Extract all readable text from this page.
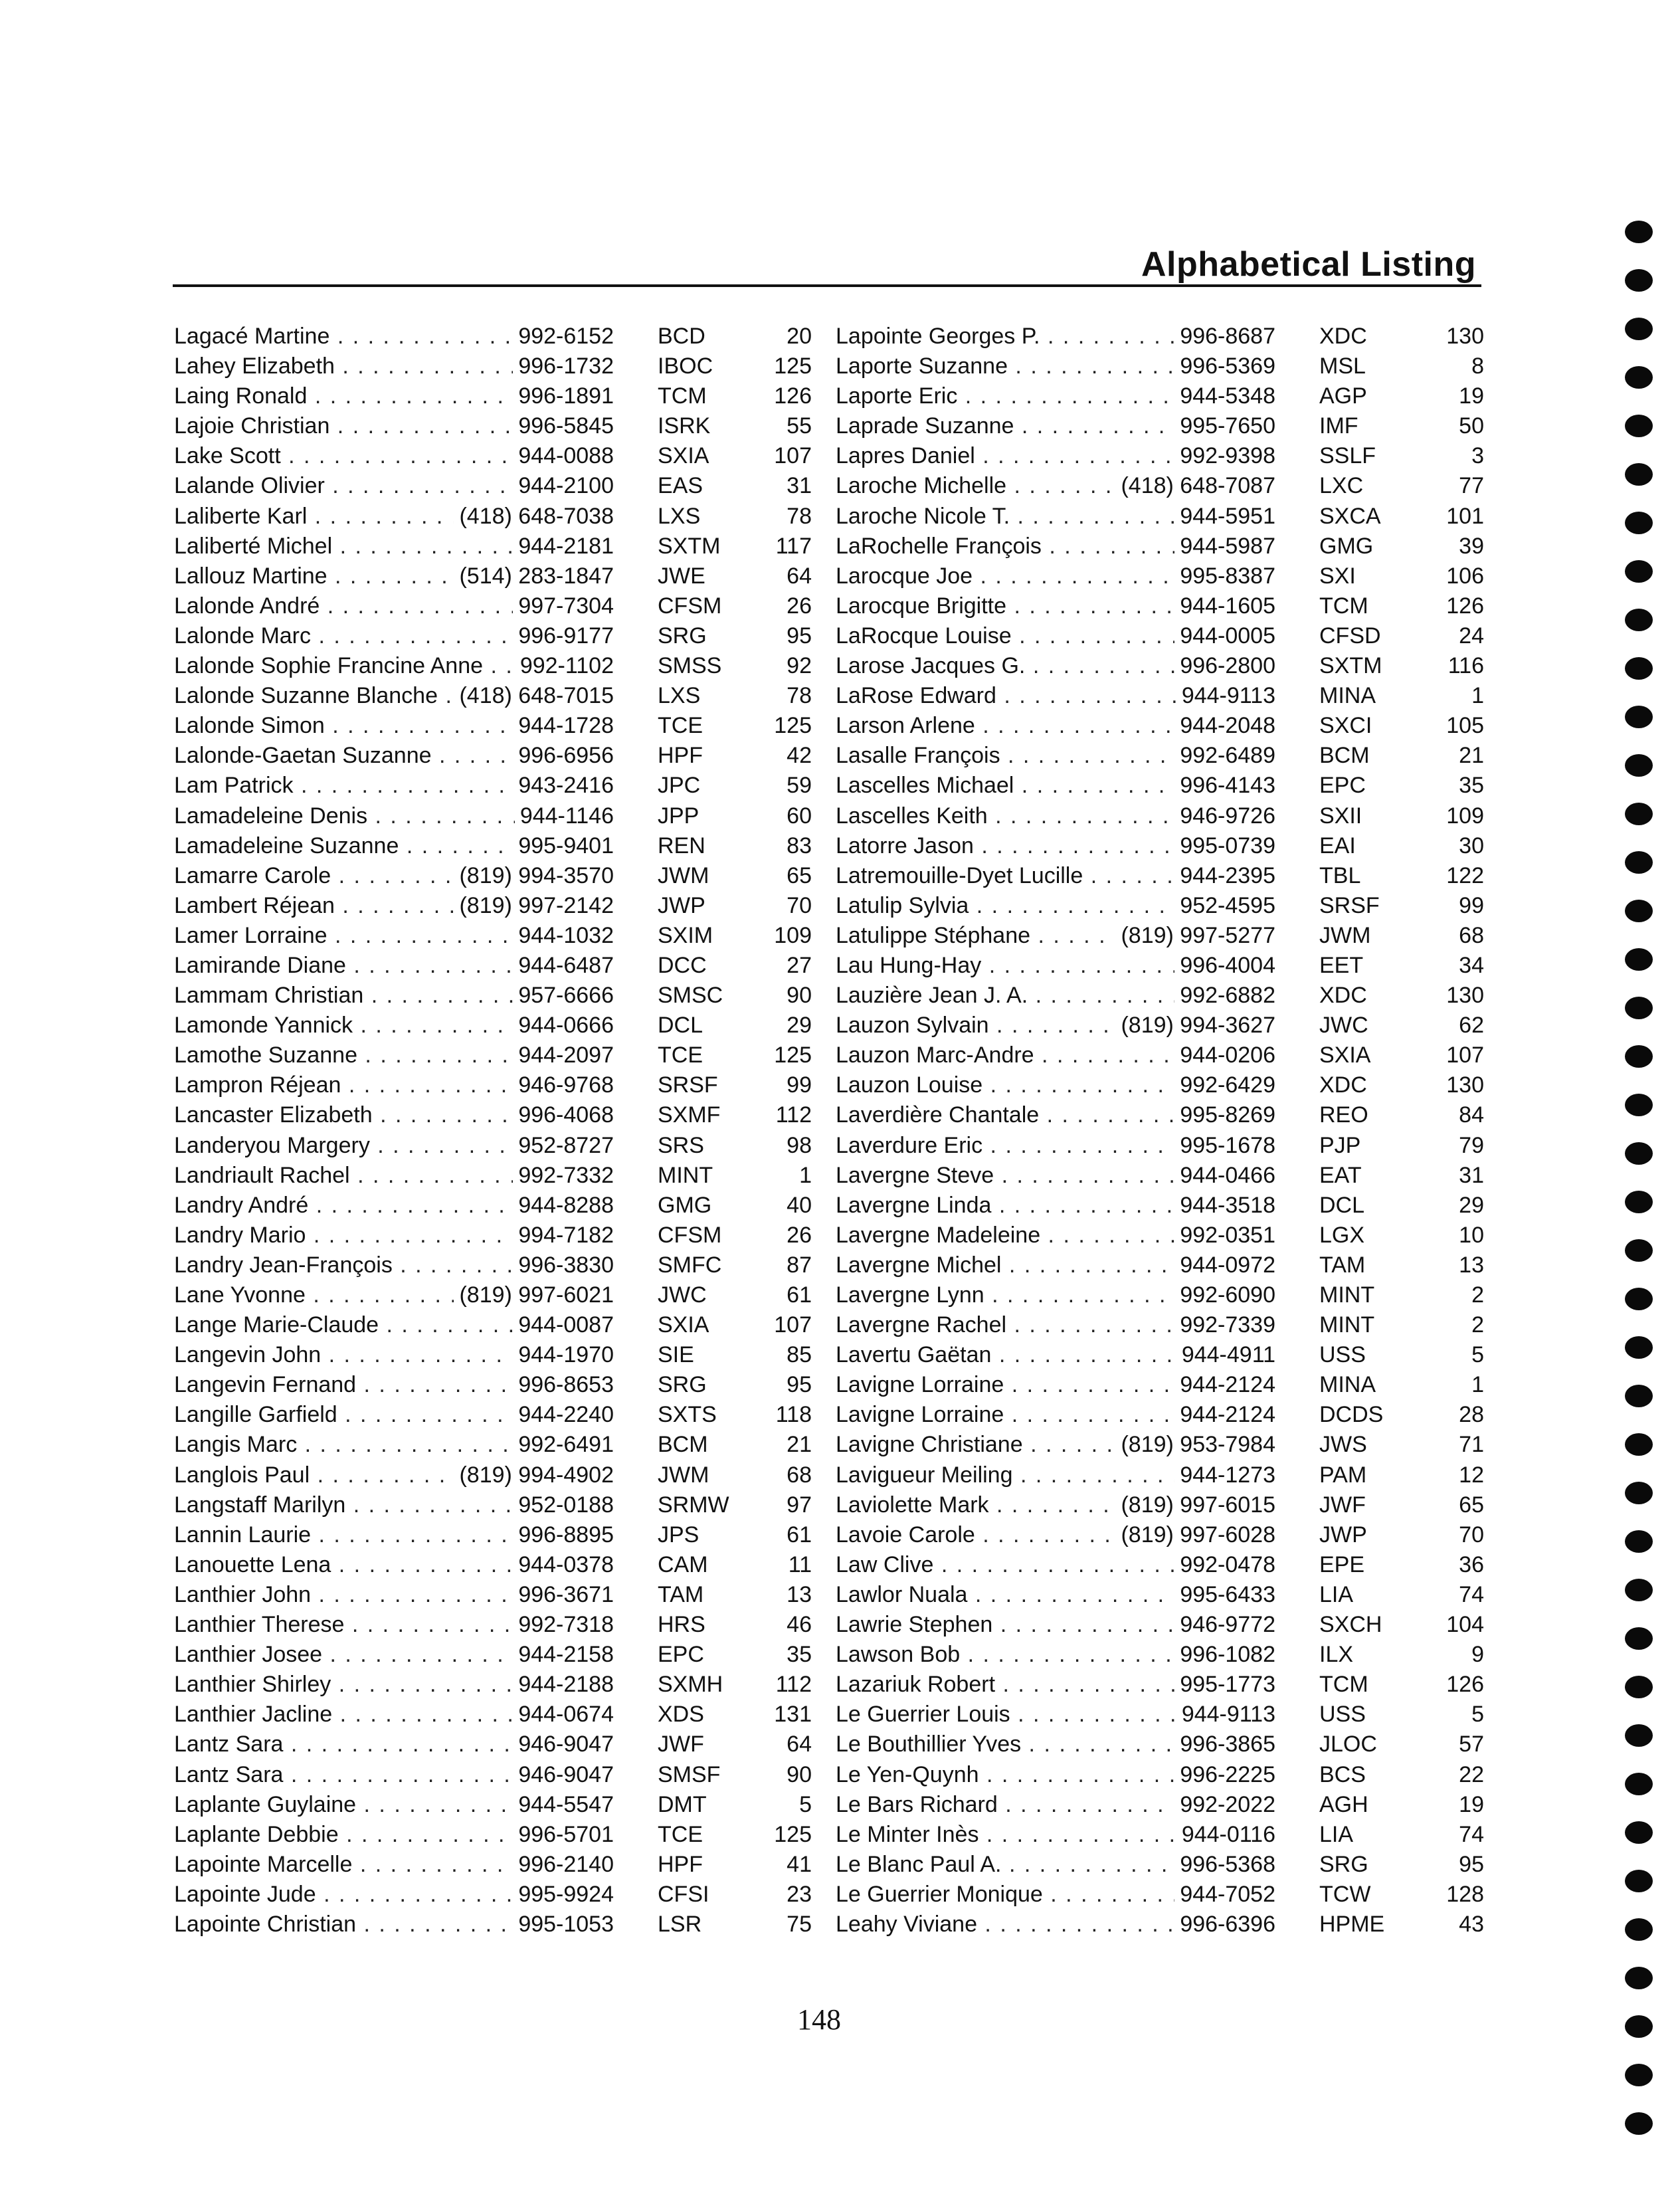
Alphabetical Listing
Lagacé Martine . . .	992-6152 BCD	20
Lahey Elizabeth . . .	996-1732 IBOC	125
Laing Ronald . . .	996-1891 TCM	126
Lajoie Christian . . .	996-5845 ISRK	55
Lake Scott . . .	944-0088 SXIA	107
Lalande Olivier . . .	944-2100 EAS	31
Laliberte Karl . . .	(418) 648-7038 LXS	78
Laliberté Michel . . .	944-2181 SXTM	117
Lallouz Martine . . .	(514) 283-1847 JWE	64
Lalonde André . . .	997-7304 CFSM	26
Lalonde Marc . . .	996-9177 SRG	95
Lalonde Sophie Francine Anne . . .	992-1102 SMSS	92
Lalonde Suzanne Blanche . . . (418) 648-7015 LXS	78
Lalonde Simon . . .	944-1728 TCE	125
Lalonde-Gaetan Suzanne . . .	996-6956 HPF	42
Lam Patrick . . .	943-2416 JPC	59
Lamadeleine Denis . . .	944-1146 JPP	60
Lamadeleine Suzanne . . .	995-9401 REN	83
Lamarre Carole . . .	(819) 994-3570 JWM	65
Lambert Réjean . . .	(819) 997-2142 JWP	70
Lamer Lorraine . . .	944-1032 SXIM	109
Lamirande Diane . . .	944-6487 DCC	27
Lammam Christian . . .	957-6666 SMSC	90
Lamonde Yannick . . .	944-0666 DCL	29
Lamothe Suzanne . . .	944-2097 TCE	125
Lampron Réjean . . .	946-9768 SRSF	99
Lancaster Elizabeth . . .	996-4068 SXMF	112
Landeryou Margery . . .	952-8727 SRS	98
Landriault Rachel . . .	992-7332 MINT	1
Landry André . . .	944-8288 GMG	40
Landry Mario . . .	994-7182 CFSM	26
Landry Jean-François . . .	996-3830 SMFC	87
Lane Yvonne . . .	(819) 997-6021 JWC	61
Lange Marie-Claude . . .	944-0087 SXIA	107
Langevin John . . .	944-1970 SIE	85
Langevin Fernand . . .	996-8653 SRG	95
Langille Garfield . . .	944-2240 SXTS	118
Langis Marc . . .	992-6491 BCM	21
Langlois Paul . . .	(819) 994-4902 JWM	68
Langstaff Marilyn . . .	952-0188 SRMW	97
Lannin Laurie . . .	996-8895 JPS	61
Lanouette Lena . . .	944-0378 CAM	11
Lanthier John . . .	996-3671 TAM	13
Lanthier Therese . . .	992-7318 HRS	46
Lanthier Josee . . .	944-2158 EPC	35
Lanthier Shirley . . .	944-2188 SXMH	112
Lanthier Jacline . . .	944-0674 XDS	131
Lantz Sara . . .	946-9047 JWF	64
Lantz Sara . . .	946-9047 SMSF	90
Laplante Guylaine . . .	944-5547 DMT	5
Laplante Debbie . . .	996-5701 TCE	125
Lapointe Marcelle . . .	996-2140 HPF	41
Lapointe Jude . . .	995-9924 CFSI	23
Lapointe Christian . . .	995-1053 LSR	75
Lapointe Georges P. . . .	996-8687 XDC	130
Laporte Suzanne . . .	996-5369 MSL	8
Laporte Eric . . .	944-5348 AGP	19
Laprade Suzanne . . .	995-7650 IMF	50
Lapres Daniel . . .	992-9398 SSLF	3
Laroche Michelle . . .	(418) 648-7087 LXC	77
Laroche Nicole T. . . .	944-5951 SXCA	101
LaRochelle François . . .	944-5987 GMG	39
Larocque Joe . . .	995-8387 SXI	106
Larocque Brigitte . . .	944-1605 TCM	126
LaRocque Louise . . .	944-0005 CFSD	24
Larose Jacques G. . . .	996-2800 SXTM	116
LaRose Edward . . .	944-9113 MINA	1
Larson Arlene . . .	944-2048 SXCI	105
Lasalle François . . .	992-6489 BCM	21
Lascelles Michael . . .	996-4143 EPC	35
Lascelles Keith . . .	946-9726 SXII	109
Latorre Jason . . .	995-0739 EAI	30
Latremouille-Dyet Lucille . . .	944-2395 TBL	122
Latulip Sylvia . . .	952-4595 SRSF	99
Latulippe Stéphane . . .	(819) 997-5277 JWM	68
Lau Hung-Hay . . .	996-4004 EET	34
Lauzière Jean J. A. . . .	992-6882 XDC	130
Lauzon Sylvain . . .	(819) 994-3627 JWC	62
Lauzon Marc-Andre . . .	944-0206 SXIA	107
Lauzon Louise . . .	992-6429 XDC	130
Laverdière Chantale . . .	995-8269 REO	84
Laverdure Eric . . .	995-1678 PJP	79
Lavergne Steve . . .	944-0466 EAT	31
Lavergne Linda . . .	944-3518 DCL	29
Lavergne Madeleine . . .	992-0351 LGX	10
Lavergne Michel . . .	944-0972 TAM	13
Lavergne Lynn . . .	992-6090 MINT	2
Lavergne Rachel . . .	992-7339 MINT	2
Lavertu Gaëtan . . .	944-4911 USS	5
Lavigne Lorraine . . .	944-2124 MINA	1
Lavigne Lorraine . . .	944-2124 DCDS	28
Lavigne Christiane . . .	(819) 953-7984 JWS	71
Lavigueur Meiling . . .	944-1273 PAM	12
Laviolette Mark . . .	(819) 997-6015 JWF	65
Lavoie Carole . . .	(819) 997-6028 JWP	70
Law Clive . . .	992-0478 EPE	36
Lawlor Nuala . . .	995-6433 LIA	74
Lawrie Stephen . . .	946-9772 SXCH	104
Lawson Bob . . .	996-1082 ILX	9
Lazariuk Robert . . .	995-1773 TCM	126
Le Guerrier Louis . . .	944-9113 USS	5
Le Bouthillier Yves . . .	996-3865 JLOC	57
Le Yen-Quynh . . .	996-2225 BCS	22
Le Bars Richard . . .	992-2022 AGH	19
Le Minter Inès . . .	944-0116 LIA	74
Le Blanc Paul A. . . .	996-5368 SRG	95
Le Guerrier Monique . . .	944-7052 TCW	128
Leahy Viviane . . .	996-6396 HPME	43
148
